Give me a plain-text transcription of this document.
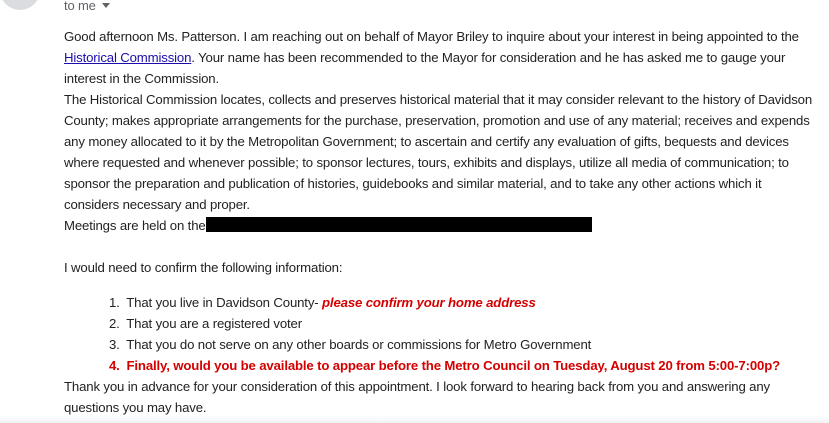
to me
Good afternoon Ms. Patterson. I am reaching out on behalf of Mayor Briley to inquire about your interest in being appointed to the Historical Commission. Your name has been recommended to the Mayor for consideration and he has asked me to gauge your interest in the Commission.
The Historical Commission locates, collects and preserves historical material that it may consider relevant to the history of Davidson County; makes appropriate arrangements for the purchase, preservation, promotion and use of any material; receives and expends any money allocated to it by the Metropolitan Government; to ascertain and certify any evaluation of gifts, bequests and devices where requested and whenever possible; to sponsor lectures, tours, exhibits and displays, utilize all media of communication; to sponsor the preparation and publication of histories, guidebooks and similar material, and to take any other actions which it considers necessary and proper.
Meetings are held on the
I would need to confirm the following information:
1. That you live in Davidson County- please confirm your home address
2. That you are a registered voter
3. That you do not serve on any other boards or commissions for Metro Government
4. Finally, would you be available to appear before the Metro Council on Tuesday, August 20 from 5:00-7:00p?
Thank you in advance for your consideration of this appointment. I look forward to hearing back from you and answering any questions you may have.
